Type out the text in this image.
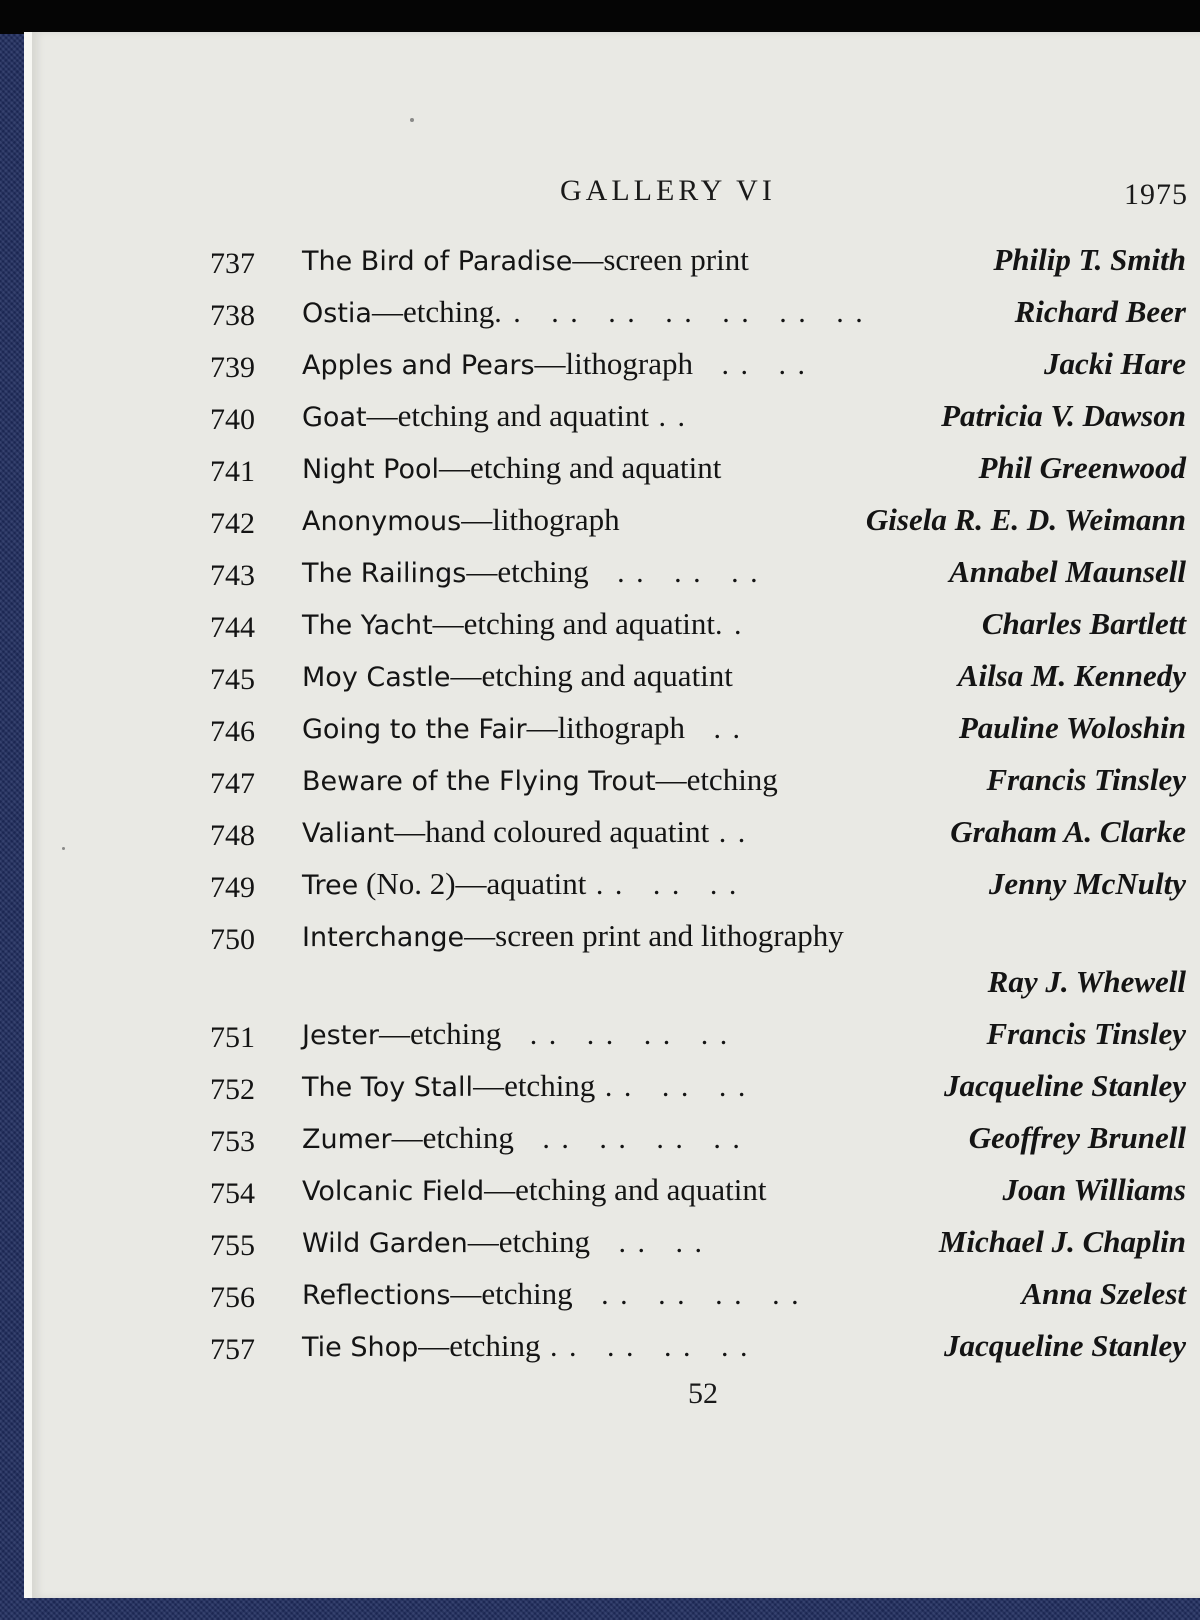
GALLERY VI	1975
737 The Bird of Paradise—screen print	Philip T. Smith
738 Ostia—etching. .   . .   . .   . .   . .   . .   . .	Richard Beer
739 Apples and Pears—lithograph   . .   . .	Jacki Hare
740 Goat—etching and aquatint . .	Patricia V. Dawson
741 Night Pool—etching and aquatint	Phil Greenwood
742 Anonymous—lithograph	Gisela R. E. D. Weimann
743 The Railings—etching   . .   . .   . .	Annabel Maunsell
744 The Yacht—etching and aquatint. .	Charles Bartlett
745 Moy Castle—etching and aquatint	Ailsa M. Kennedy
746 Going to the Fair—lithograph   . .	Pauline Woloshin
747 Beware of the Flying Trout—etching	Francis Tinsley
748 Valiant—hand coloured aquatint . .	Graham A. Clarke
749 Tree (No. 2)—aquatint . .   . .   . .	Jenny McNulty
750 Interchange—screen print and lithography
Ray J. Whewell
751 Jester—etching   . .   . .   . .   . .	Francis Tinsley
752 The Toy Stall—etching . .   . .   . .	Jacqueline Stanley
753 Zumer—etching   . .   . .   . .   . .	Geoffrey Brunell
754 Volcanic Field—etching and aquatint	Joan Williams
755 Wild Garden—etching   . .   . .	Michael J. Chaplin
756 Reflections—etching   . .   . .   . .   . .	Anna Szelest
757 Tie Shop—etching . .   . .   . .   . .	Jacqueline Stanley
52
